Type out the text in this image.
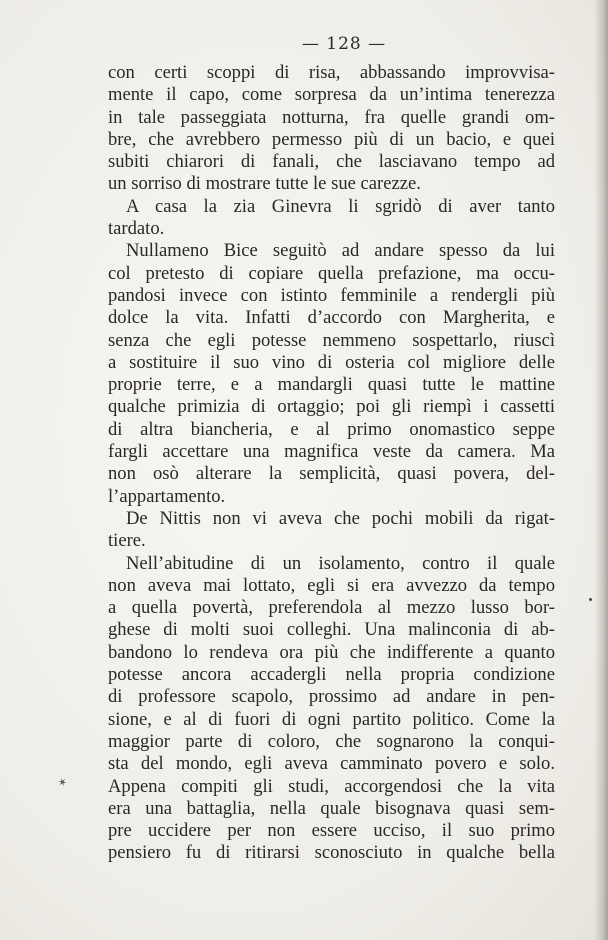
— 128 —
con certi scoppi di risa, abbassando improvvisa-
mente il capo, come sorpresa da un’intima tenerezza
in tale passeggiata notturna, fra quelle grandi om-
bre, che avrebbero permesso più di un bacio, e quei
subiti chiarori di fanali, che lasciavano tempo ad
un sorriso di mostrare tutte le sue carezze.
A casa la zia Ginevra li sgridò di aver tanto
tardato.
Nullameno Bice seguitò ad andare spesso da lui
col pretesto di copiare quella prefazione, ma occu-
pandosi invece con istinto femminile a rendergli più
dolce la vita. Infatti d’accordo con Margherita, e
senza che egli potesse nemmeno sospettarlo, riuscì
a sostituire il suo vino di osteria col migliore delle
proprie terre, e a mandargli quasi tutte le mattine
qualche primizia di ortaggio; poi gli riempì i cassetti
di altra biancheria, e al primo onomastico seppe
fargli accettare una magnifica veste da camera. Ma
non osò alterare la semplicità, quasi povera, del-
l’appartamento.
De Nittis non vi aveva che pochi mobili da rigat-
tiere.
Nell’abitudine di un isolamento, contro il quale
non aveva mai lottato, egli si era avvezzo da tempo
a quella povertà, preferendola al mezzo lusso bor-
ghese di molti suoi colleghi. Una malinconia di ab-
bandono lo rendeva ora più che indifferente a quanto
potesse ancora accadergli nella propria condizione
di professore scapolo, prossimo ad andare in pen-
sione, e al di fuori di ogni partito politico. Come la
maggior parte di coloro, che sognarono la conqui-
sta del mondo, egli aveva camminato povero e solo.
Appena compiti gli studi, accorgendosi che la vita
era una battaglia, nella quale bisognava quasi sem-
pre uccidere per non essere ucciso, il suo primo
pensiero fu di ritirarsi sconosciuto in qualche bella
✶
